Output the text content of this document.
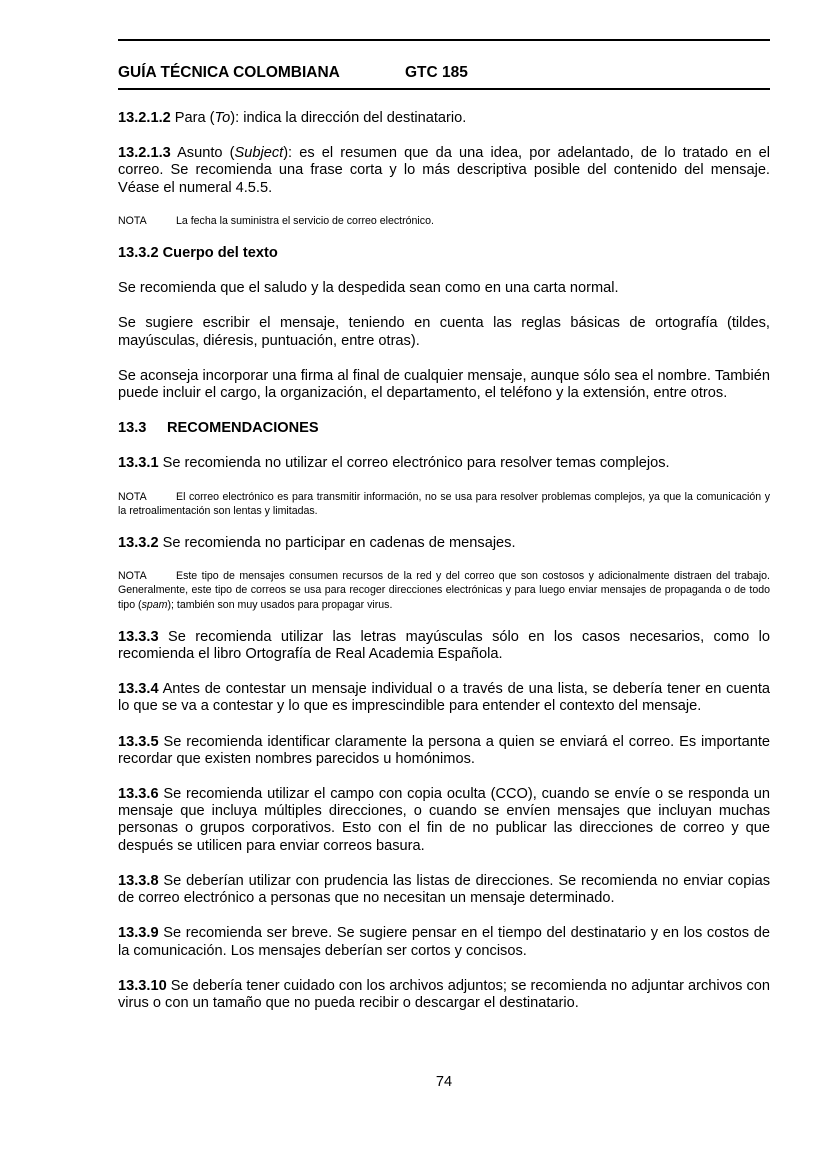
GUÍA TÉCNICA COLOMBIANA	GTC 185

13.2.1.2 Para (To): indica la dirección del destinatario.

13.2.1.3 Asunto (Subject): es el resumen que da una idea, por adelantado, de lo tratado en el correo. Se recomienda una frase corta y lo más descriptiva posible del contenido del mensaje. Véase el numeral 4.5.5.

NOTA	La fecha la suministra el servicio de correo electrónico.

13.3.2 Cuerpo del texto

Se recomienda que el saludo y la despedida sean como en una carta normal.

Se sugiere escribir el mensaje, teniendo en cuenta las reglas básicas de ortografía (tildes, mayúsculas, diéresis, puntuación, entre otras).

Se aconseja incorporar una firma al final de cualquier mensaje, aunque sólo sea el nombre. También puede incluir el cargo, la organización, el departamento, el teléfono y la extensión, entre otros.

13.3 RECOMENDACIONES

13.3.1 Se recomienda no utilizar el correo electrónico para resolver temas complejos.

NOTA	El correo electrónico es para transmitir información, no se usa para resolver problemas complejos, ya que la comunicación y la retroalimentación son lentas y limitadas.

13.3.2 Se recomienda no participar en cadenas de mensajes.

NOTA	Este tipo de mensajes consumen recursos de la red y del correo que son costosos y adicionalmente distraen del trabajo. Generalmente, este tipo de correos se usa para recoger direcciones electrónicas y para luego enviar mensajes de propaganda o de todo tipo (spam); también son muy usados para propagar virus.

13.3.3 Se recomienda utilizar las letras mayúsculas sólo en los casos necesarios, como lo recomienda el libro Ortografía de Real Academia Española.

13.3.4 Antes de contestar un mensaje individual o a través de una lista, se debería tener en cuenta lo que se va a contestar y lo que es imprescindible para entender el contexto del mensaje.

13.3.5 Se recomienda identificar claramente la persona a quien se enviará el correo. Es importante recordar que existen nombres parecidos u homónimos.

13.3.6 Se recomienda utilizar el campo con copia oculta (CCO), cuando se envíe o se responda un mensaje que incluya múltiples direcciones, o cuando se envíen mensajes que incluyan muchas personas o grupos corporativos. Esto con el fin de no publicar las direcciones de correo y que después se utilicen para enviar correos basura.

13.3.8 Se deberían utilizar con prudencia las listas de direcciones. Se recomienda no enviar copias de correo electrónico a personas que no necesitan un mensaje determinado.

13.3.9 Se recomienda ser breve. Se sugiere pensar en el tiempo del destinatario y en los costos de la comunicación. Los mensajes deberían ser cortos y concisos.

13.3.10 Se debería tener cuidado con los archivos adjuntos; se recomienda no adjuntar archivos con virus o con un tamaño que no pueda recibir o descargar el destinatario.

74
